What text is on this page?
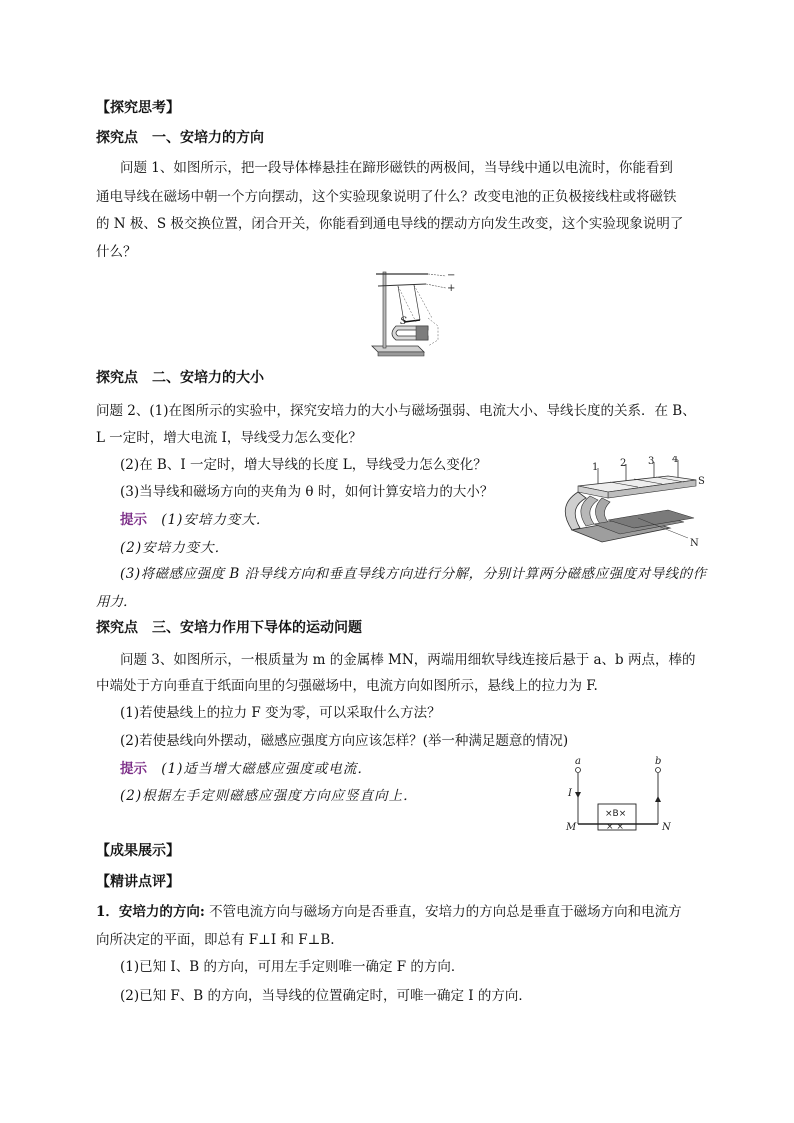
【探究思考】
探究点　一、安培力的方向
问题 1、如图所示，把一段导体棒悬挂在蹄形磁铁的两极间，当导线中通以电流时，你能看到
通电导线在磁场中朝一个方向摆动，这个实验现象说明了什么？改变电池的正负极接线柱或将磁铁
的 N 极、S 极交换位置，闭合开关，你能看到通电导线的摆动方向发生改变，这个实验现象说明了
什么？
−
+
S
探究点　二、安培力的大小
问题 2、(1)在图所示的实验中，探究安培力的大小与磁场强弱、电流大小、导线长度的关系．在 B、
L 一定时，增大电流 I，导线受力怎么变化？
(2)在 B、I 一定时，增大导线的长度 L，导线受力怎么变化？
(3)当导线和磁场方向的夹角为 θ 时，如何计算安培力的大小？
提示 (1)安培力变大．
(2)安培力变大．
(3)将磁感应强度 B 沿导线方向和垂直导线方向进行分解，分别计算两分磁感应强度对导线的作
用力．
1 2 3 4
S
N
探究点　三、安培力作用下导体的运动问题
问题 3、如图所示，一根质量为 m 的金属棒 MN，两端用细软导线连接后悬于 a、b 两点，棒的
中端处于方向垂直于纸面向里的匀强磁场中，电流方向如图所示，悬线上的拉力为 F.
(1)若使悬线上的拉力 F 变为零，可以采取什么方法？
(2)若使悬线向外摆动，磁感应强度方向应该怎样？(举一种满足题意的情况)
提示 (1)适当增大磁感应强度或电流．
(2)根据左手定则磁感应强度方向应竖直向上．
a	b
I
×B×
× ×
M	N
【成果展示】
【精讲点评】
1．安培力的方向: 不管电流方向与磁场方向是否垂直，安培力的方向总是垂直于磁场方向和电流方
向所决定的平面，即总有 F⊥I 和 F⊥B.
(1)已知 I、B 的方向，可用左手定则唯一确定 F 的方向．
(2)已知 F、B 的方向，当导线的位置确定时，可唯一确定 I 的方向．
